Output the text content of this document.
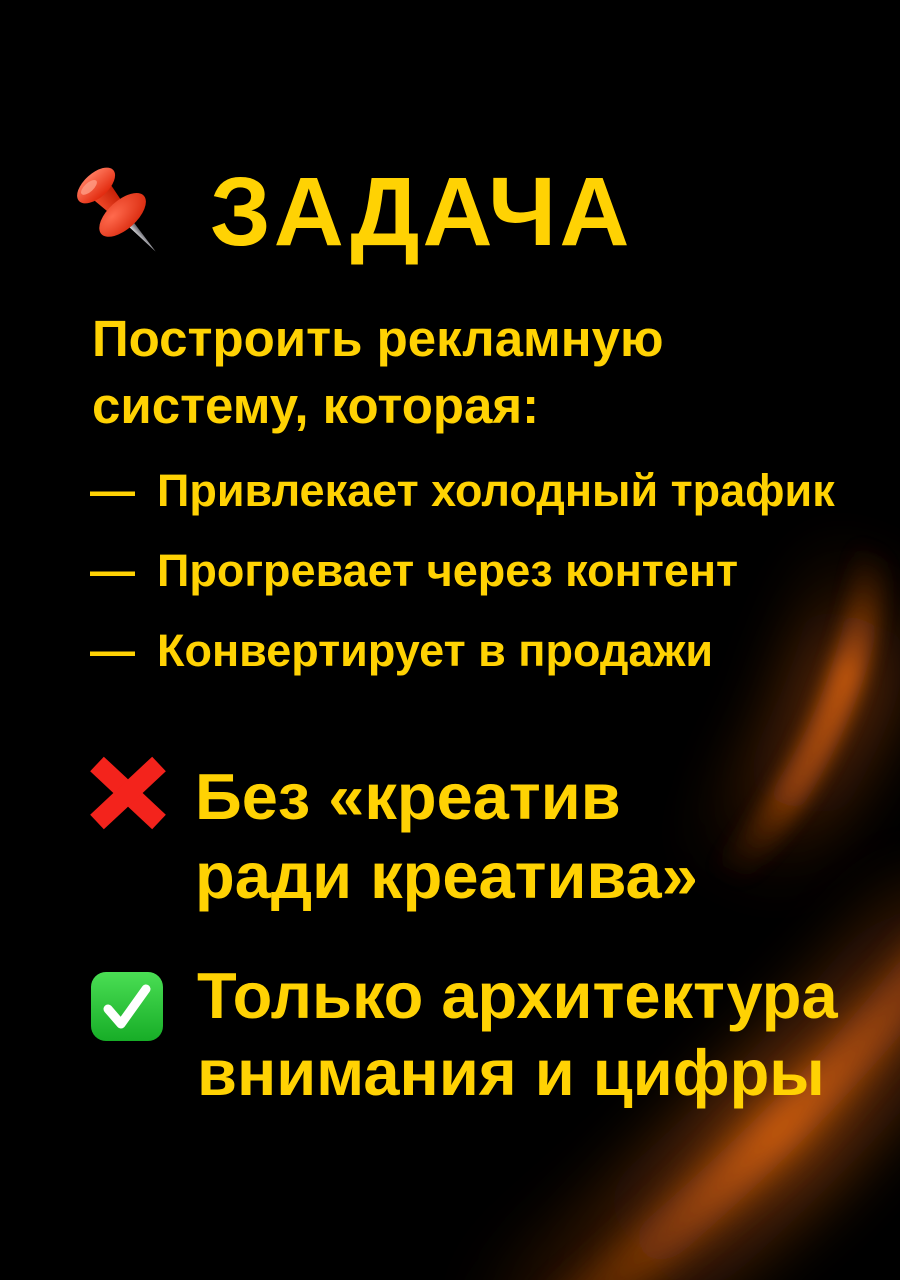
ЗАДАЧА
Построить рекламную
систему, которая:
— Привлекает холодный трафик
— Прогревает через контент
— Конвертирует в продажи
Без «креатив
ради креатива»
Только архитектура
внимания и цифры
